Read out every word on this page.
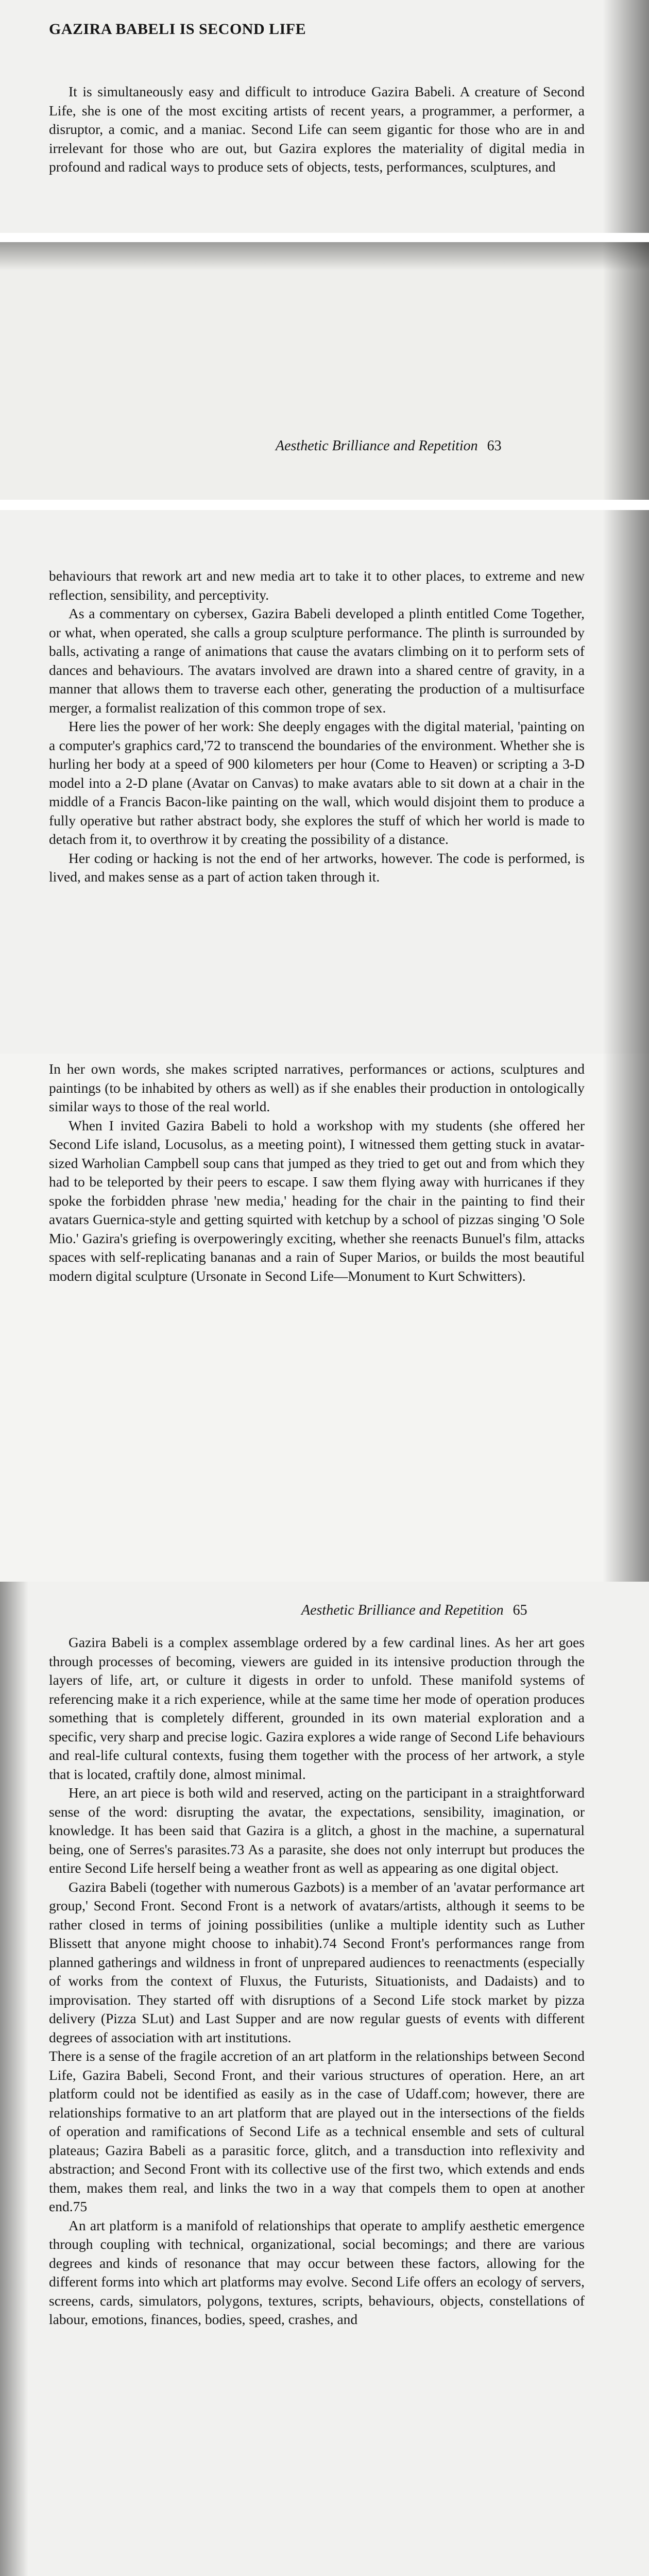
GAZIRA BABELI IS SECOND LIFE

It is simultaneously easy and difficult to introduce Gazira Babeli. A creature of Second Life, she is one of the most exciting artists of recent years, a programmer, a performer, a disruptor, a comic, and a maniac. Second Life can seem gigantic for those who are in and irrelevant for those who are out, but Gazira explores the materiality of digital media in profound and radical ways to produce sets of objects, tests, performances, sculptures, and

Aesthetic Brilliance and Repetition 63

behaviours that rework art and new media art to take it to other places, to extreme and new reflection, sensibility, and perceptivity.

As a commentary on cybersex, Gazira Babeli developed a plinth entitled Come Together, or what, when operated, she calls a group sculpture performance. The plinth is surrounded by balls, activating a range of animations that cause the avatars climbing on it to perform sets of dances and behaviours. The avatars involved are drawn into a shared centre of gravity, in a manner that allows them to traverse each other, generating the production of a multisurface merger, a formalist realization of this common trope of sex.

Here lies the power of her work: She deeply engages with the digital material, 'painting on a computer's graphics card,'72 to transcend the boundaries of the environment. Whether she is hurling her body at a speed of 900 kilometers per hour (Come to Heaven) or scripting a 3-D model into a 2-D plane (Avatar on Canvas) to make avatars able to sit down at a chair in the middle of a Francis Bacon-like painting on the wall, which would disjoint them to produce a fully operative but rather abstract body, she explores the stuff of which her world is made to detach from it, to overthrow it by creating the possibility of a distance.

Her coding or hacking is not the end of her artworks, however. The code is performed, is lived, and makes sense as a part of action taken through it.

In her own words, she makes scripted narratives, performances or actions, sculptures and paintings (to be inhabited by others as well) as if she enables their production in ontologically similar ways to those of the real world.

When I invited Gazira Babeli to hold a workshop with my students (she offered her Second Life island, Locusolus, as a meeting point), I witnessed them getting stuck in avatar-sized Warholian Campbell soup cans that jumped as they tried to get out and from which they had to be teleported by their peers to escape. I saw them flying away with hurricanes if they spoke the forbidden phrase 'new media,' heading for the chair in the painting to find their avatars Guernica-style and getting squirted with ketchup by a school of pizzas singing 'O Sole Mio.' Gazira's griefing is overpoweringly exciting, whether she reenacts Bunuel's film, attacks spaces with self-replicating bananas and a rain of Super Marios, or builds the most beautiful modern digital sculpture (Ursonate in Second Life—Monument to Kurt Schwitters).

Aesthetic Brilliance and Repetition 65

Gazira Babeli is a complex assemblage ordered by a few cardinal lines. As her art goes through processes of becoming, viewers are guided in its intensive production through the layers of life, art, or culture it digests in order to unfold. These manifold systems of referencing make it a rich experience, while at the same time her mode of operation produces something that is completely different, grounded in its own material exploration and a specific, very sharp and precise logic. Gazira explores a wide range of Second Life behaviours and real-life cultural contexts, fusing them together with the process of her artwork, a style that is located, craftily done, almost minimal.

Here, an art piece is both wild and reserved, acting on the participant in a straightforward sense of the word: disrupting the avatar, the expectations, sensibility, imagination, or knowledge. It has been said that Gazira is a glitch, a ghost in the machine, a supernatural being, one of Serres's parasites.73 As a parasite, she does not only interrupt but produces the entire Second Life herself being a weather front as well as appearing as one digital object.

Gazira Babeli (together with numerous Gazbots) is a member of an 'avatar performance art group,' Second Front. Second Front is a network of avatars/artists, although it seems to be rather closed in terms of joining possibilities (unlike a multiple identity such as Luther Blissett that anyone might choose to inhabit).74 Second Front's performances range from planned gatherings and wildness in front of unprepared audiences to reenactments (especially of works from the context of Fluxus, the Futurists, Situationists, and Dadaists) and to improvisation. They started off with disruptions of a Second Life stock market by pizza delivery (Pizza SLut) and Last Supper and are now regular guests of events with different degrees of association with art institutions.

There is a sense of the fragile accretion of an art platform in the relationships between Second Life, Gazira Babeli, Second Front, and their various structures of operation. Here, an art platform could not be identified as easily as in the case of Udaff.com; however, there are relationships formative to an art platform that are played out in the intersections of the fields of operation and ramifications of Second Life as a technical ensemble and sets of cultural plateaus; Gazira Babeli as a parasitic force, glitch, and a transduction into reflexivity and abstraction; and Second Front with its collective use of the first two, which extends and ends them, makes them real, and links the two in a way that compels them to open at another end.75

An art platform is a manifold of relationships that operate to amplify aesthetic emergence through coupling with technical, organizational, social becomings; and there are various degrees and kinds of resonance that may occur between these factors, allowing for the different forms into which art platforms may evolve. Second Life offers an ecology of servers, screens, cards, simulators, polygons, textures, scripts, behaviours, objects, constellations of labour, emotions, finances, bodies, speed, crashes, and
